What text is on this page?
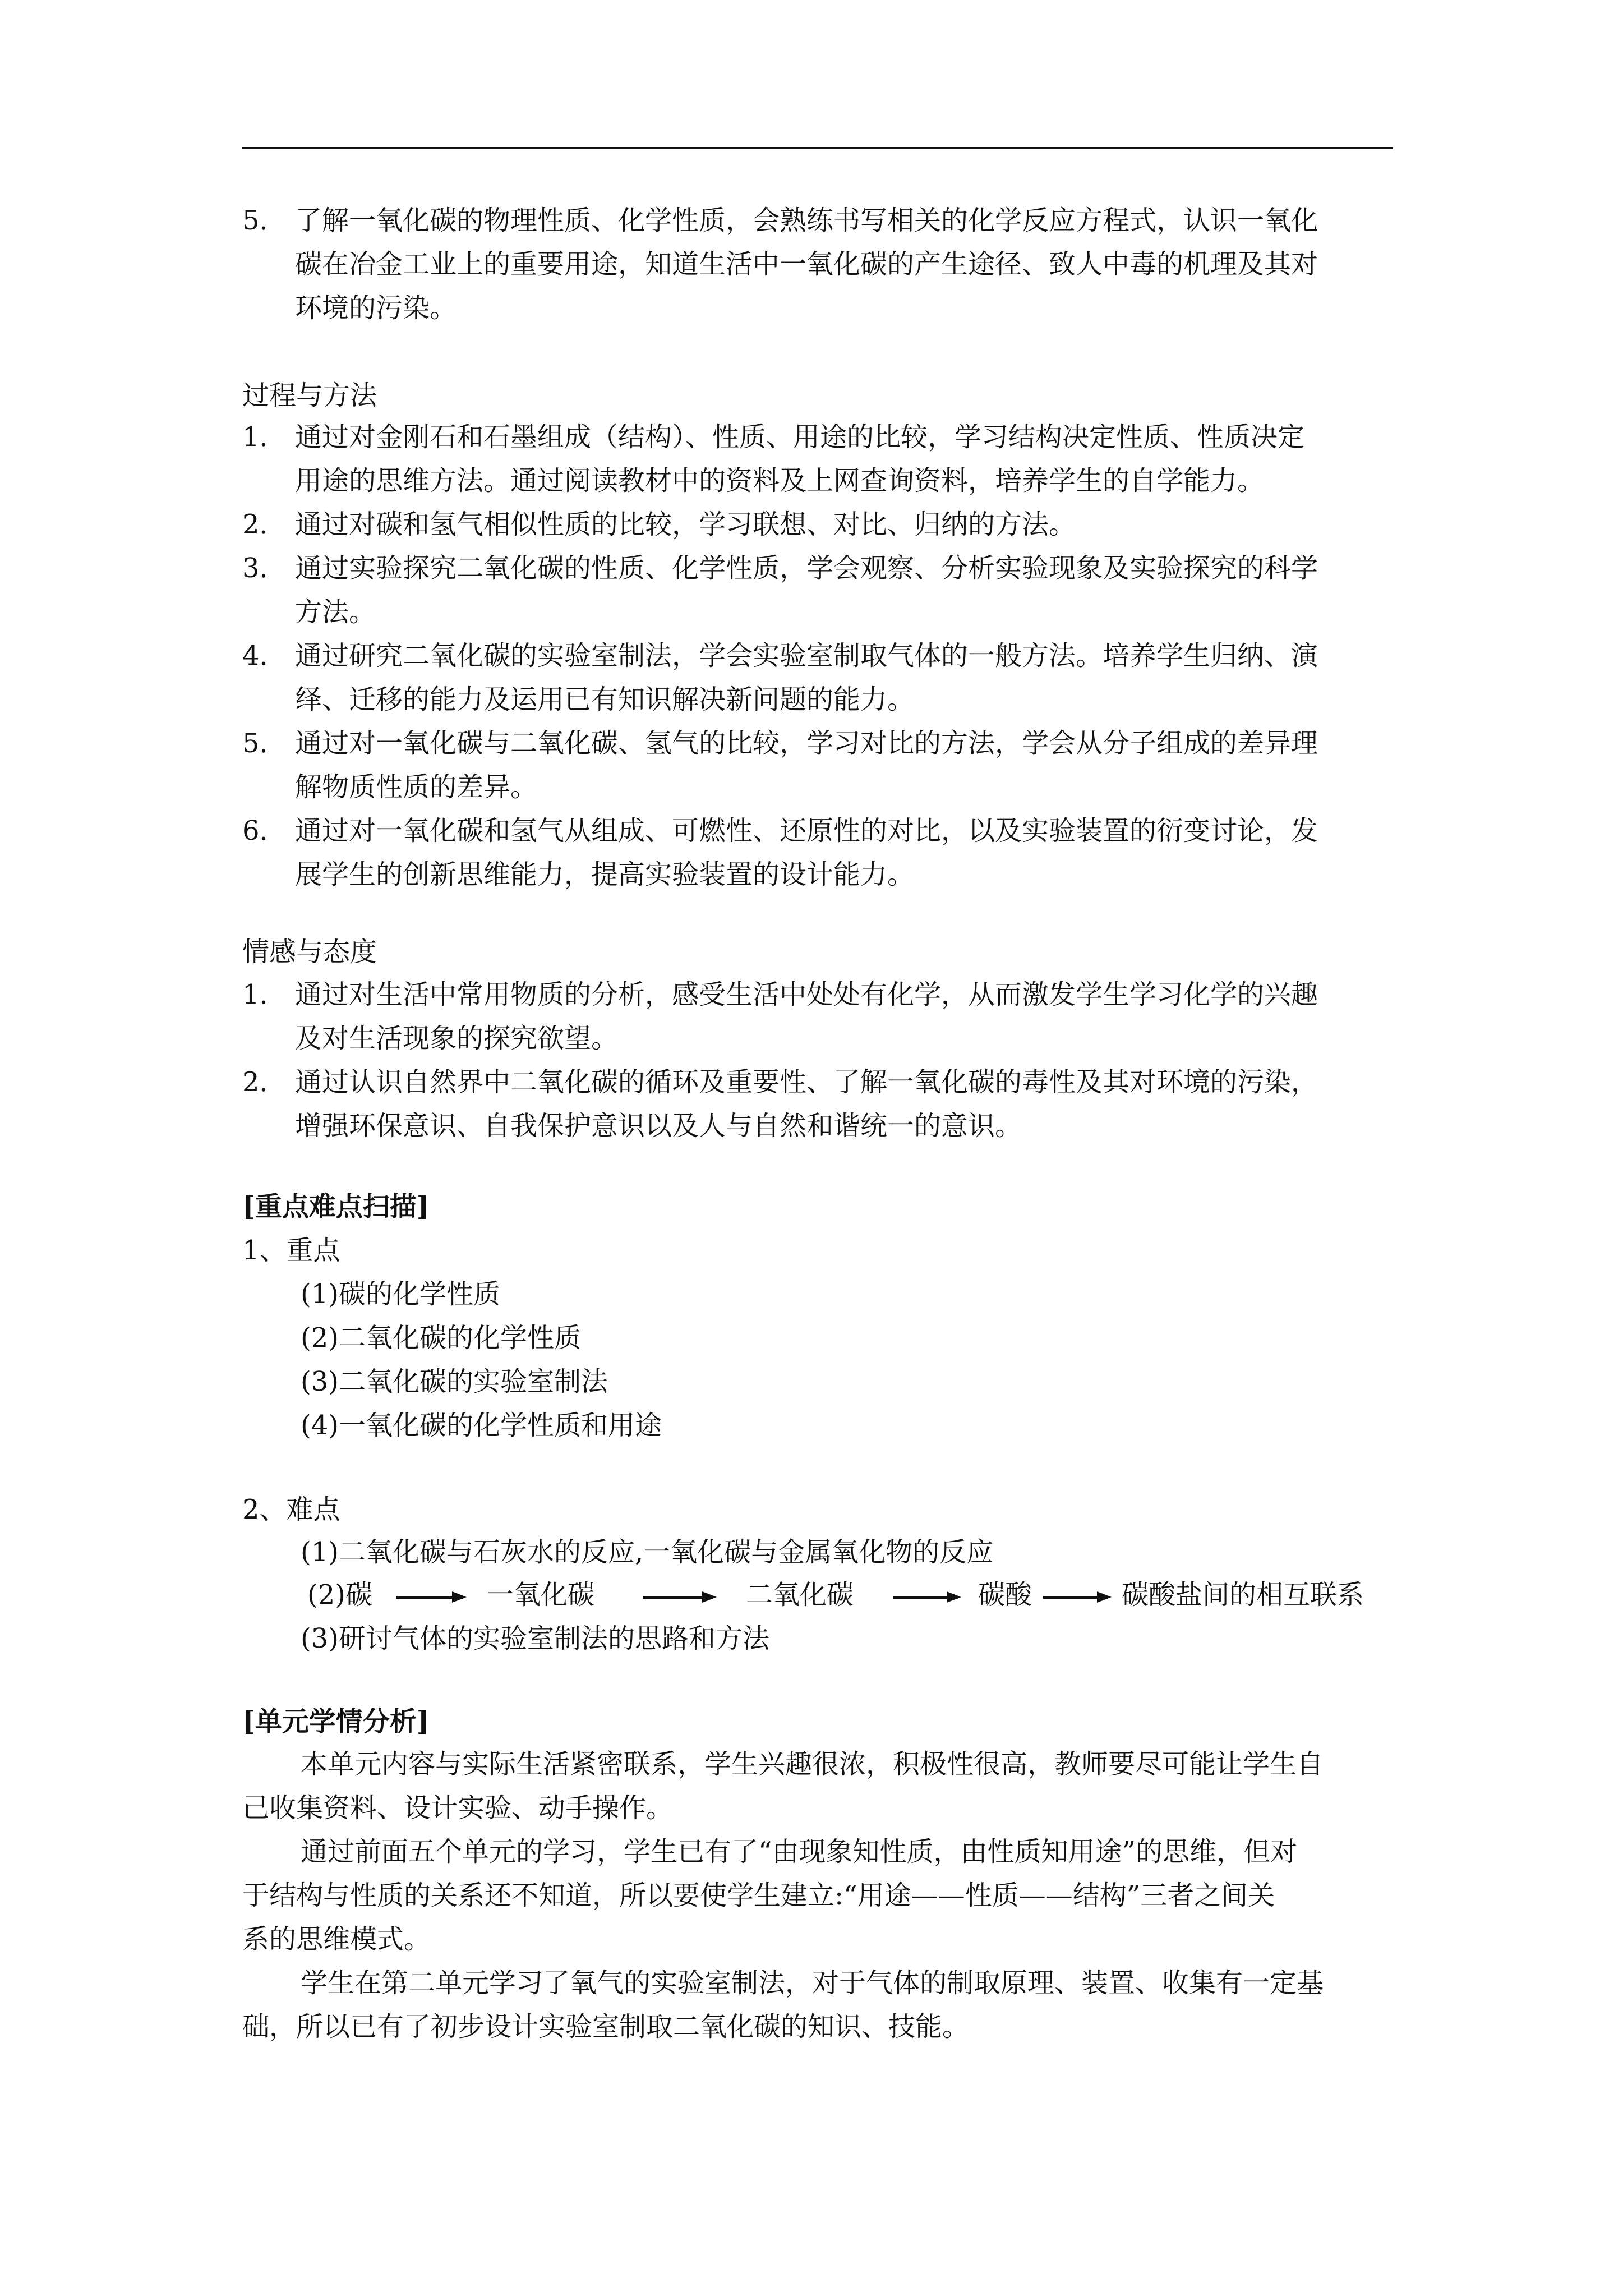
5． 了解一氧化碳的物理性质、化学性质，会熟练书写相关的化学反应方程式，认识一氧化
碳在冶金工业上的重要用途，知道生活中一氧化碳的产生途径、致人中毒的机理及其对
环境的污染。
过程与方法
1． 通过对金刚石和石墨组成（结构）、性质、用途的比较，学习结构决定性质、性质决定
用途的思维方法。通过阅读教材中的资料及上网查询资料，培养学生的自学能力。
2． 通过对碳和氢气相似性质的比较，学习联想、对比、归纳的方法。
3． 通过实验探究二氧化碳的性质、化学性质，学会观察、分析实验现象及实验探究的科学
方法。
4． 通过研究二氧化碳的实验室制法，学会实验室制取气体的一般方法。培养学生归纳、演
绎、迁移的能力及运用已有知识解决新问题的能力。
5． 通过对一氧化碳与二氧化碳、氢气的比较，学习对比的方法，学会从分子组成的差异理
解物质性质的差异。
6． 通过对一氧化碳和氢气从组成、可燃性、还原性的对比，以及实验装置的衍变讨论，发
展学生的创新思维能力，提高实验装置的设计能力。
情感与态度
1． 通过对生活中常用物质的分析，感受生活中处处有化学，从而激发学生学习化学的兴趣
及对生活现象的探究欲望。
2． 通过认识自然界中二氧化碳的循环及重要性、了解一氧化碳的毒性及其对环境的污染，
增强环保意识、自我保护意识以及人与自然和谐统一的意识。
[重点难点扫描]
1、重点
(1)碳的化学性质
(2)二氧化碳的化学性质
(3)二氧化碳的实验室制法
(4)一氧化碳的化学性质和用途
2、难点
(1)二氧化碳与石灰水的反应,一氧化碳与金属氧化物的反应
(2)碳	一氧化碳	二氧化碳	碳酸	碳酸盐间的相互联系
(3)研讨气体的实验室制法的思路和方法
[单元学情分析]
本单元内容与实际生活紧密联系，学生兴趣很浓，积极性很高，教师要尽可能让学生自
己收集资料、设计实验、动手操作。
通过前面五个单元的学习，学生已有了“由现象知性质，由性质知用途”的思维，但对
于结构与性质的关系还不知道，所以要使学生建立:“用途——性质——结构”三者之间关
系的思维模式。
学生在第二单元学习了氧气的实验室制法，对于气体的制取原理、装置、收集有一定基
础，所以已有了初步设计实验室制取二氧化碳的知识、技能。
